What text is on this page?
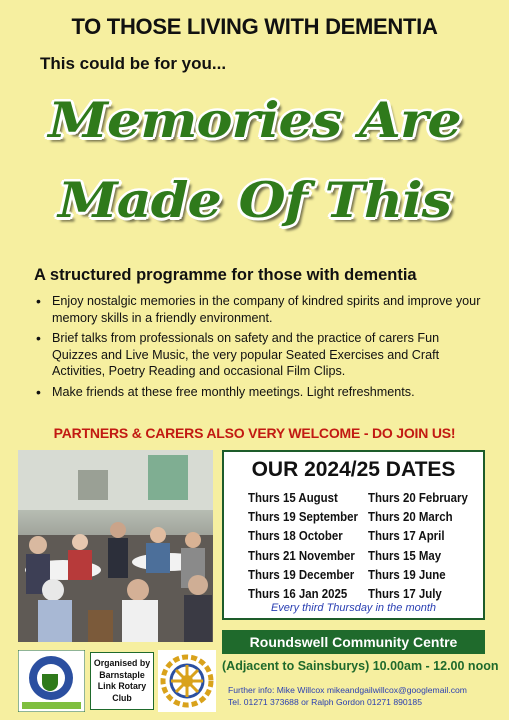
TO THOSE LIVING WITH DEMENTIA
This could be for you...
Memories Are
Made Of This
A structured programme for those with dementia
• Enjoy nostalgic memories in the company of kindred spirits and improve your memory skills in a friendly environment.
• Brief talks from professionals on safety and the practice of carers Fun Quizzes and Live Music, the very popular Seated Exercises and Craft Activities, Poetry Reading and occasional Film Clips.
• Make friends at these free monthly meetings. Light refreshments.
PARTNERS & CARERS ALSO VERY WELCOME - DO JOIN US!
OUR 2024/25 DATES
Thurs 15 August
Thurs 19 September
Thurs 18 October
Thurs 21 November
Thurs 19 December
Thurs 16 Jan 2025
Thurs 20 February
Thurs 20 March
Thurs 17 April
Thurs 15 May
Thurs 19 June
Thurs 17 July
Every third Thursday in the month
Roundswell Community Centre
(Adjacent to Sainsburys) 10.00am - 12.00 noon
Further info: Mike Willcox mikeandgailwillcox@googlemail.com
Tel. 01271 373688 or Ralph Gordon 01271 890185
Organised by Barnstaple Link Rotary Club
